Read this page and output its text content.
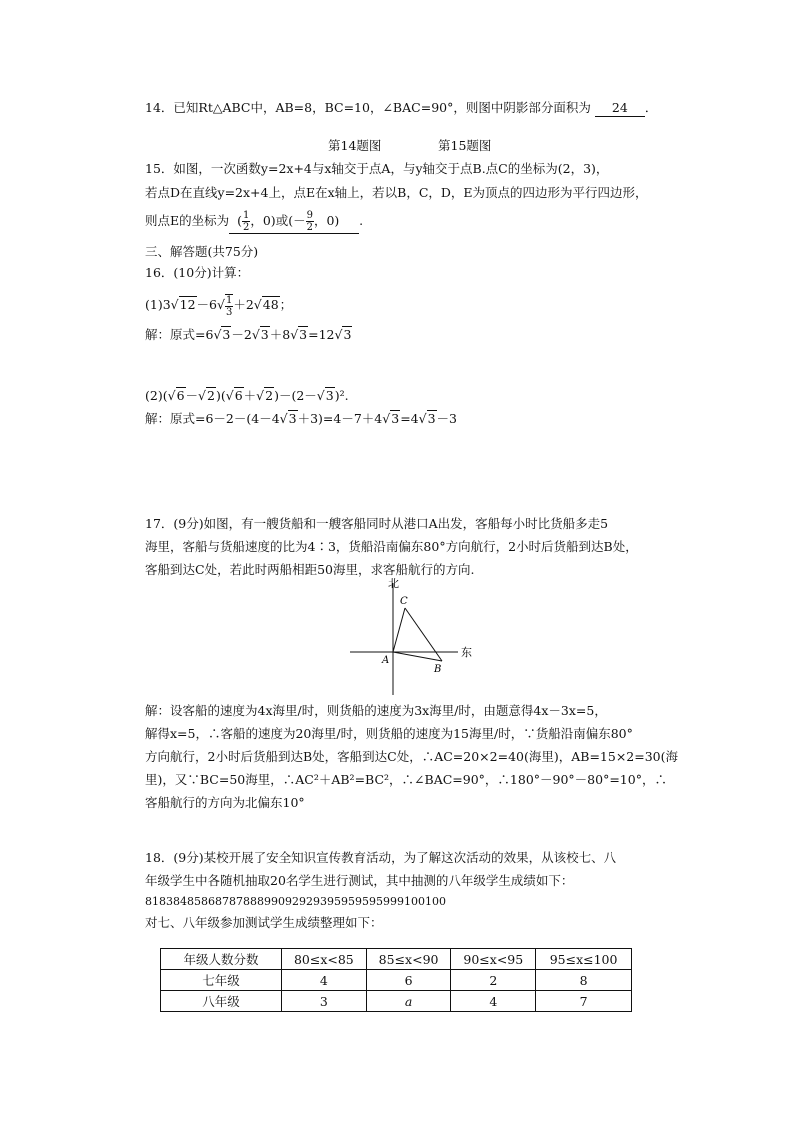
14．已知Rt△ABC中，AB=8，BC=10，∠BAC=90°，则图中阴影部分面积为 24 ．
第14题图	第15题图
15．如图，一次函数y=2x+4与x轴交于点A，与y轴交于点B.点C的坐标为(2，3)，
若点D在直线y=2x+4上，点E在x轴上，若以B，C，D，E为顶点的四边形为平行四边形，
则点E的坐标为 ( $\frac{1}{2}$ ，0)或(－ $\frac{9}{2}$ ，0) .
三、解答题(共75分)
16．(10分)计算：
$(1)3√12-6√ \frac{1}{3} +2√48$；
解：原式=6√3－2√3＋8√3=12√3
(2)(√6－√2)(√6＋√2)－(2－√3)².
解：原式=6－2－(4－4√3＋3)=4－7＋4√3=4√3－3
17．(9分)如图，有一艘货船和一艘客船同时从港口A出发，客船每小时比货船多走5
海里，客船与货船速度的比为4∶3，货船沿南偏东80°方向航行，2小时后货船到达B处，
客船到达C处，若此时两船相距50海里，求客船航行的方向.
北
东
A
B
C
解：设客船的速度为4x海里/时，则货船的速度为3x海里/时，由题意得4x－3x=5，
解得x=5，∴客船的速度为20海里/时，则货船的速度为15海里/时，∵货船沿南偏东80°
方向航行，2小时后货船到达B处，客船到达C处，∴AC=20×2=40(海里)，AB=15×2=30(海
里)，又∵BC=50海里，∴AC²＋AB²=BC²，∴∠BAC=90°，∴180°－90°－80°=10°，∴
客船航行的方向为北偏东10°
18．(9分)某校开展了安全知识宣传教育活动，为了解这次活动的效果，从该校七、八
年级学生中各随机抽取20名学生进行测试，其中抽测的八年级学生成绩如下：
8183848586878788899092929395959595999100100
对七、八年级参加测试学生成绩整理如下：
年级人数分数	80≤x<85	85≤x<90	90≤x<95	95≤x≤100
七年级	4	6	2	8
八年级	3	a	4	7
